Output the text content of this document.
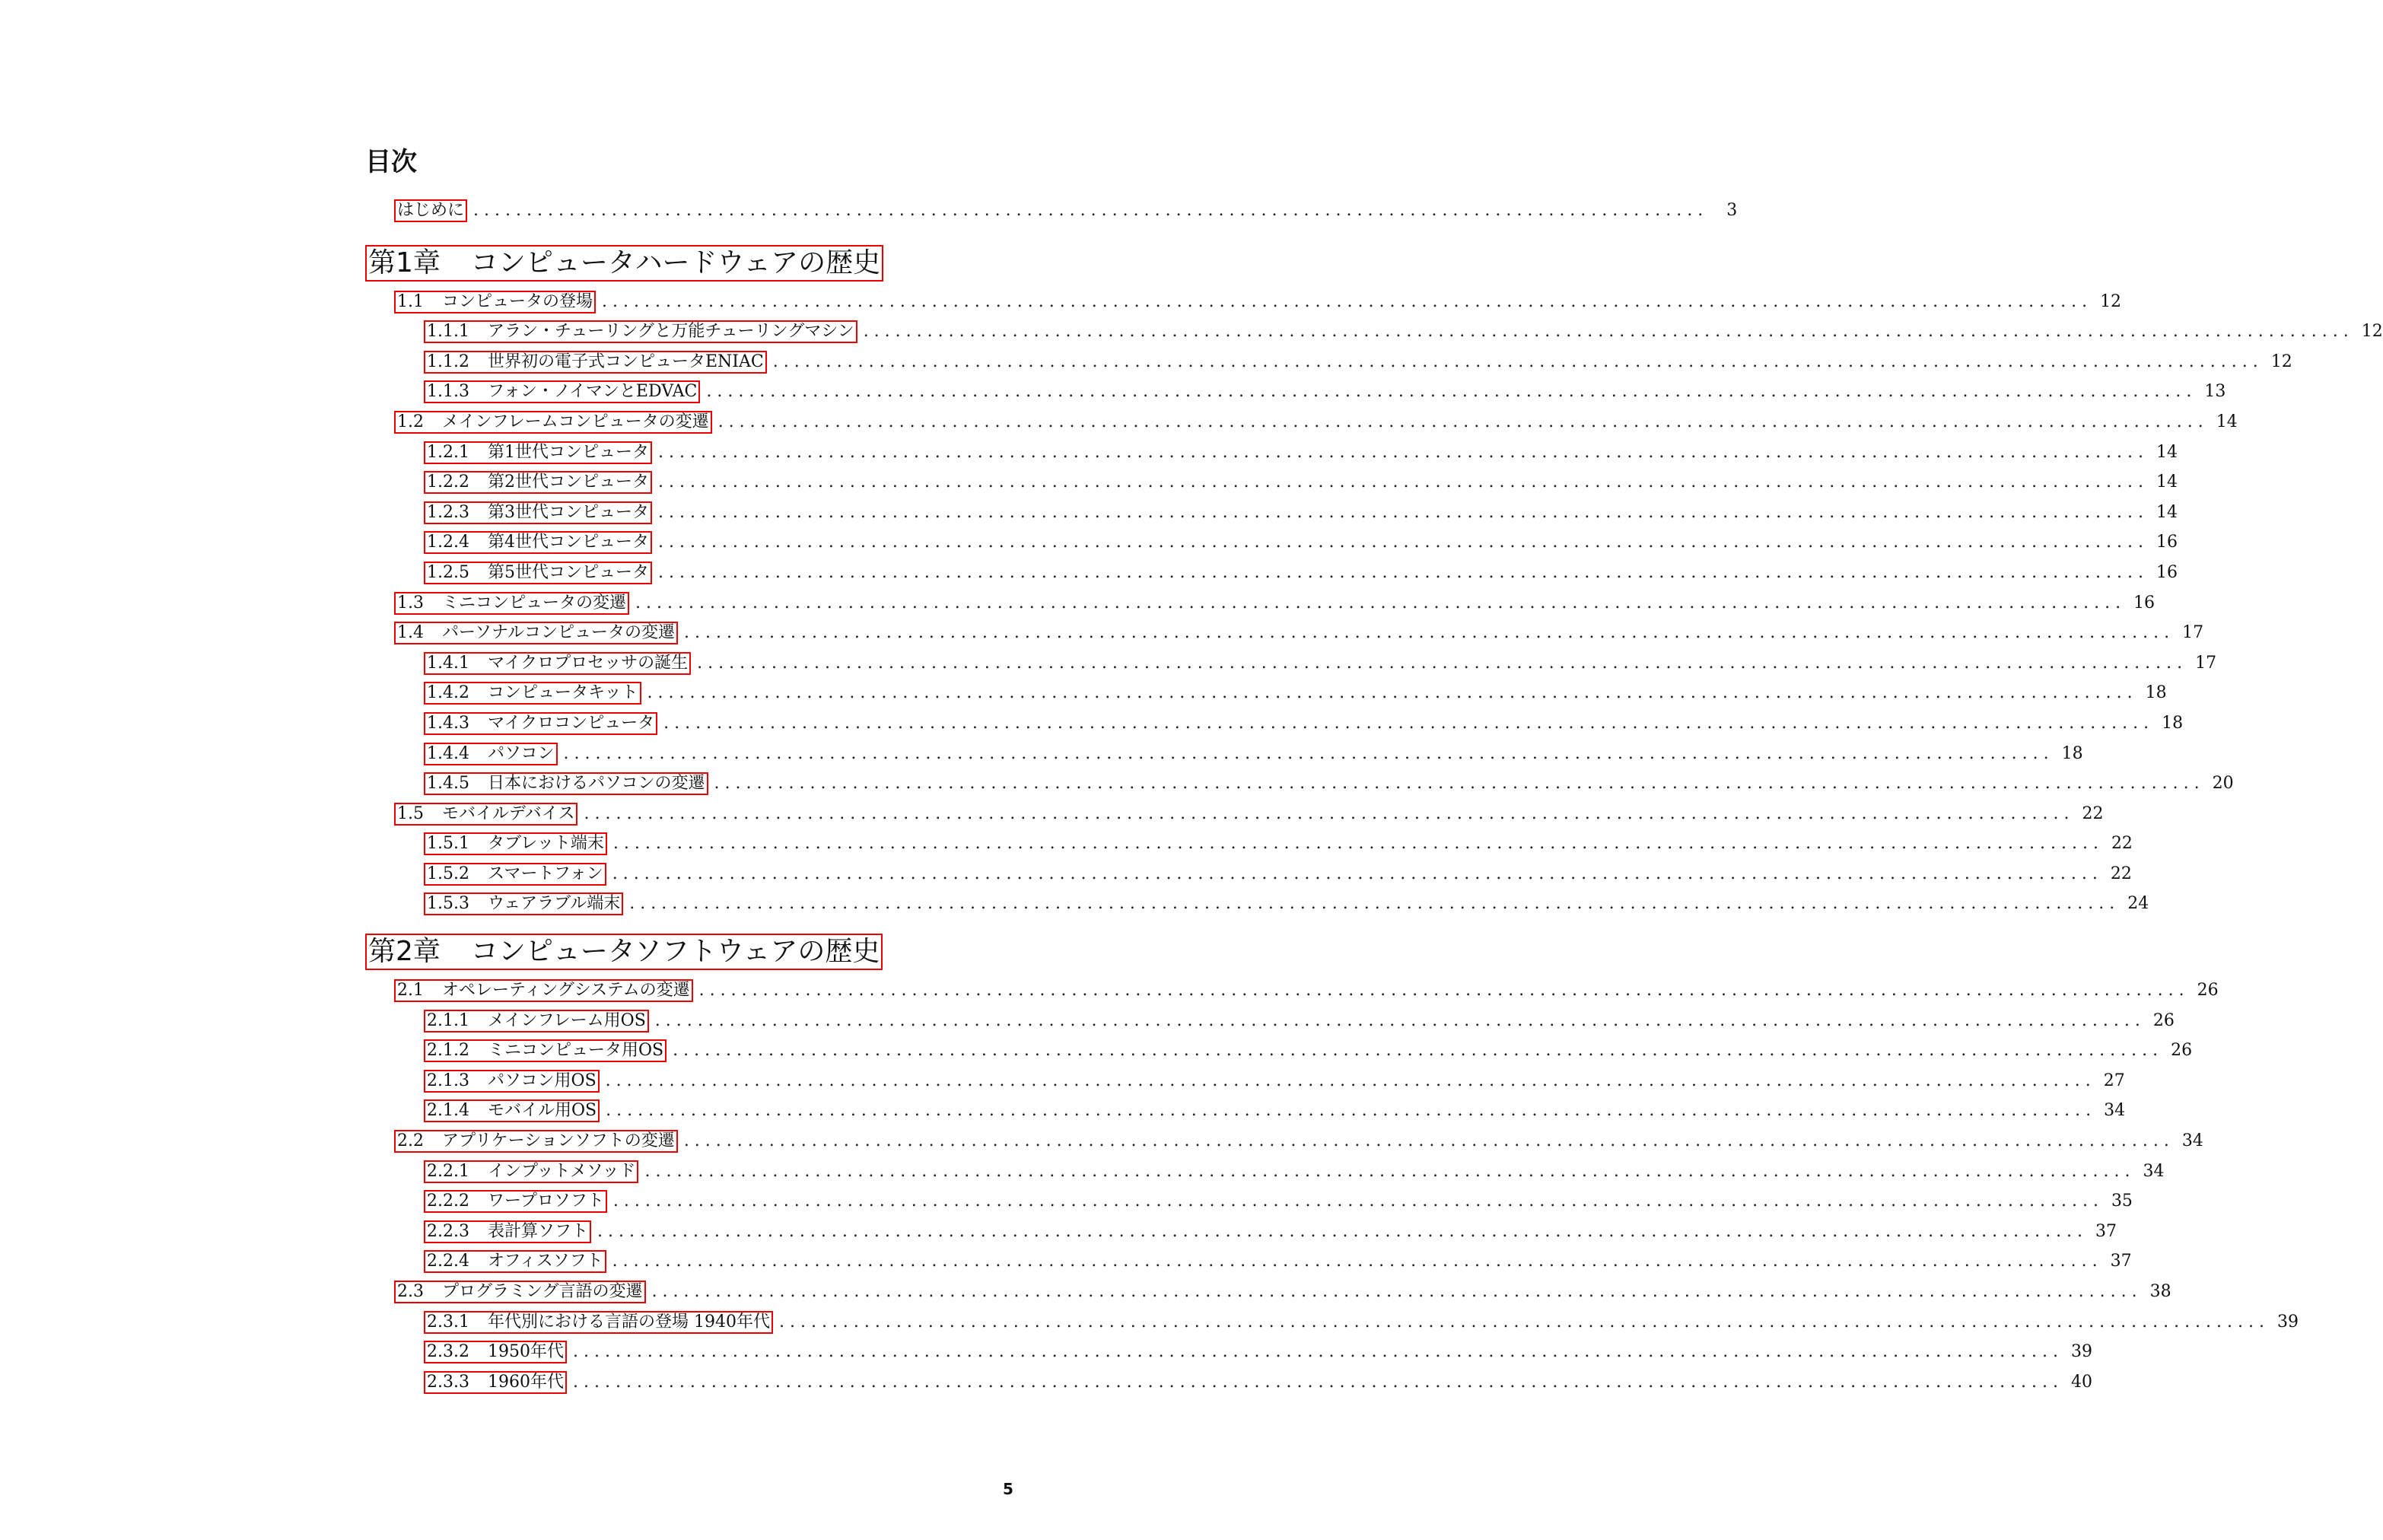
目次
はじめに ....................................................................................................................	3
第1章 コンピュータハードウェアの歴史
1.1 コンピュータの登場 ............................................................................................................................................ 12
1.1.1 アラン・チューリングと万能チューリングマシン ............................................................................................................................................ 12
1.1.2 世界初の電子式コンピュータENIAC ............................................................................................................................................ 12
1.1.3 フォン・ノイマンとEDVAC ............................................................................................................................................ 13
1.2 メインフレームコンピュータの変遷 ............................................................................................................................................ 14
1.2.1 第1世代コンピュータ ............................................................................................................................................ 14
1.2.2 第2世代コンピュータ ............................................................................................................................................ 14
1.2.3 第3世代コンピュータ ............................................................................................................................................ 14
1.2.4 第4世代コンピュータ ............................................................................................................................................ 16
1.2.5 第5世代コンピュータ ............................................................................................................................................ 16
1.3 ミニコンピュータの変遷 ............................................................................................................................................ 16
1.4 パーソナルコンピュータの変遷 ............................................................................................................................................ 17
1.4.1 マイクロプロセッサの誕生 ............................................................................................................................................ 17
1.4.2 コンピュータキット ............................................................................................................................................ 18
1.4.3 マイクロコンピュータ ............................................................................................................................................ 18
1.4.4 パソコン ............................................................................................................................................ 18
1.4.5 日本におけるパソコンの変遷 ............................................................................................................................................ 20
1.5 モバイルデバイス ............................................................................................................................................ 22
1.5.1 タブレット端末 ............................................................................................................................................ 22
1.5.2 スマートフォン ............................................................................................................................................ 22
1.5.3 ウェアラブル端末 ............................................................................................................................................ 24
第2章 コンピュータソフトウェアの歴史
2.1 オペレーティングシステムの変遷 ............................................................................................................................................ 26
2.1.1 メインフレーム用OS ............................................................................................................................................ 26
2.1.2 ミニコンピュータ用OS ............................................................................................................................................ 26
2.1.3 パソコン用OS ............................................................................................................................................ 27
2.1.4 モバイル用OS ............................................................................................................................................ 34
2.2 アプリケーションソフトの変遷 ............................................................................................................................................ 34
2.2.1 インプットメソッド ............................................................................................................................................ 34
2.2.2 ワープロソフト ............................................................................................................................................ 35
2.2.3 表計算ソフト ............................................................................................................................................ 37
2.2.4 オフィスソフト ............................................................................................................................................ 37
2.3 プログラミング言語の変遷 ............................................................................................................................................ 38
2.3.1 年代別における言語の登場 1940年代 ............................................................................................................................................ 39
2.3.2 1950年代 ............................................................................................................................................ 39
2.3.3 1960年代 ............................................................................................................................................ 40
5
